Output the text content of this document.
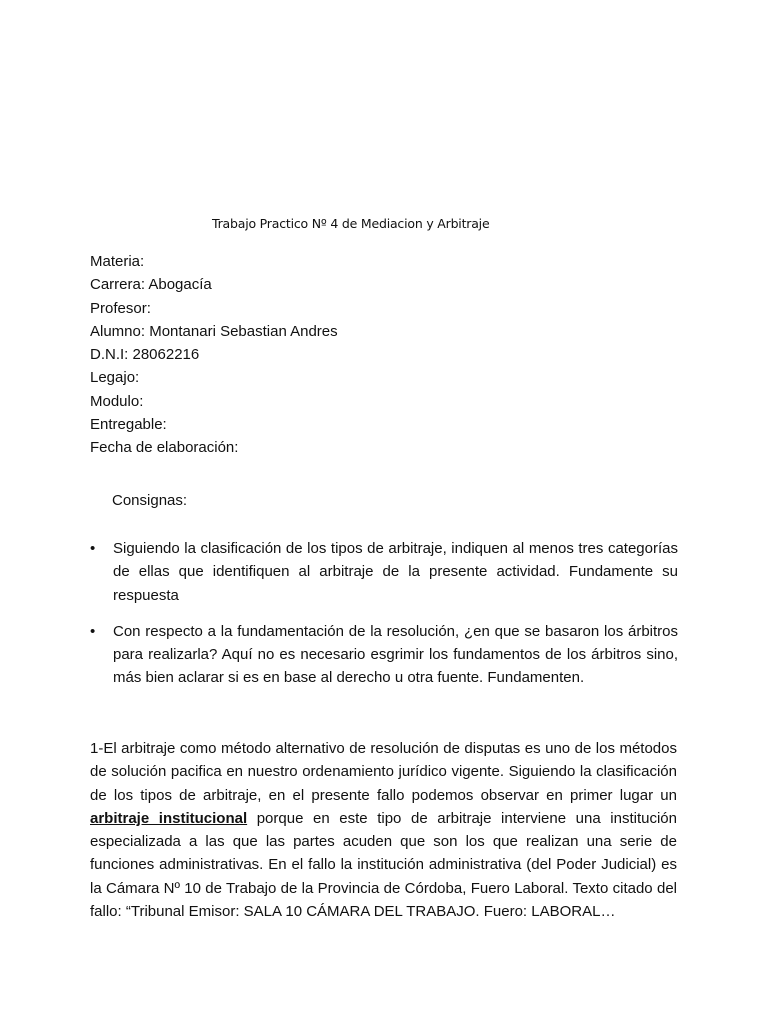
Trabajo Practico Nº 4 de Mediacion y Arbitraje
Materia:
Carrera: Abogacía
Profesor:
Alumno: Montanari Sebastian Andres
D.N.I: 28062216
Legajo:
Modulo:
Entregable:
Fecha de elaboración:
Consignas:
• Siguiendo la clasificación de los tipos de arbitraje, indiquen al menos tres categorías de ellas que identifiquen al arbitraje de la presente actividad. Fundamente su respuesta
• Con respecto a la fundamentación de la resolución, ¿en que se basaron los árbitros para realizarla? Aquí no es necesario esgrimir los fundamentos de los árbitros sino, más bien aclarar si es en base al derecho u otra fuente. Fundamenten.

1-El arbitraje como método alternativo de resolución de disputas es uno de los métodos de solución pacifica en nuestro ordenamiento jurídico vigente. Siguiendo la clasificación de los tipos de arbitraje, en el presente fallo podemos observar en primer lugar un arbitraje institucional porque en este tipo de arbitraje interviene una institución especializada a las que las partes acuden que son los que realizan una serie de funciones administrativas. En el fallo la institución administrativa (del Poder Judicial) es la Cámara Nº 10 de Trabajo de la Provincia de Córdoba, Fuero Laboral. Texto citado del fallo: “Tribunal Emisor: SALA 10 CÁMARA DEL TRABAJO. Fuero: LABORAL…
